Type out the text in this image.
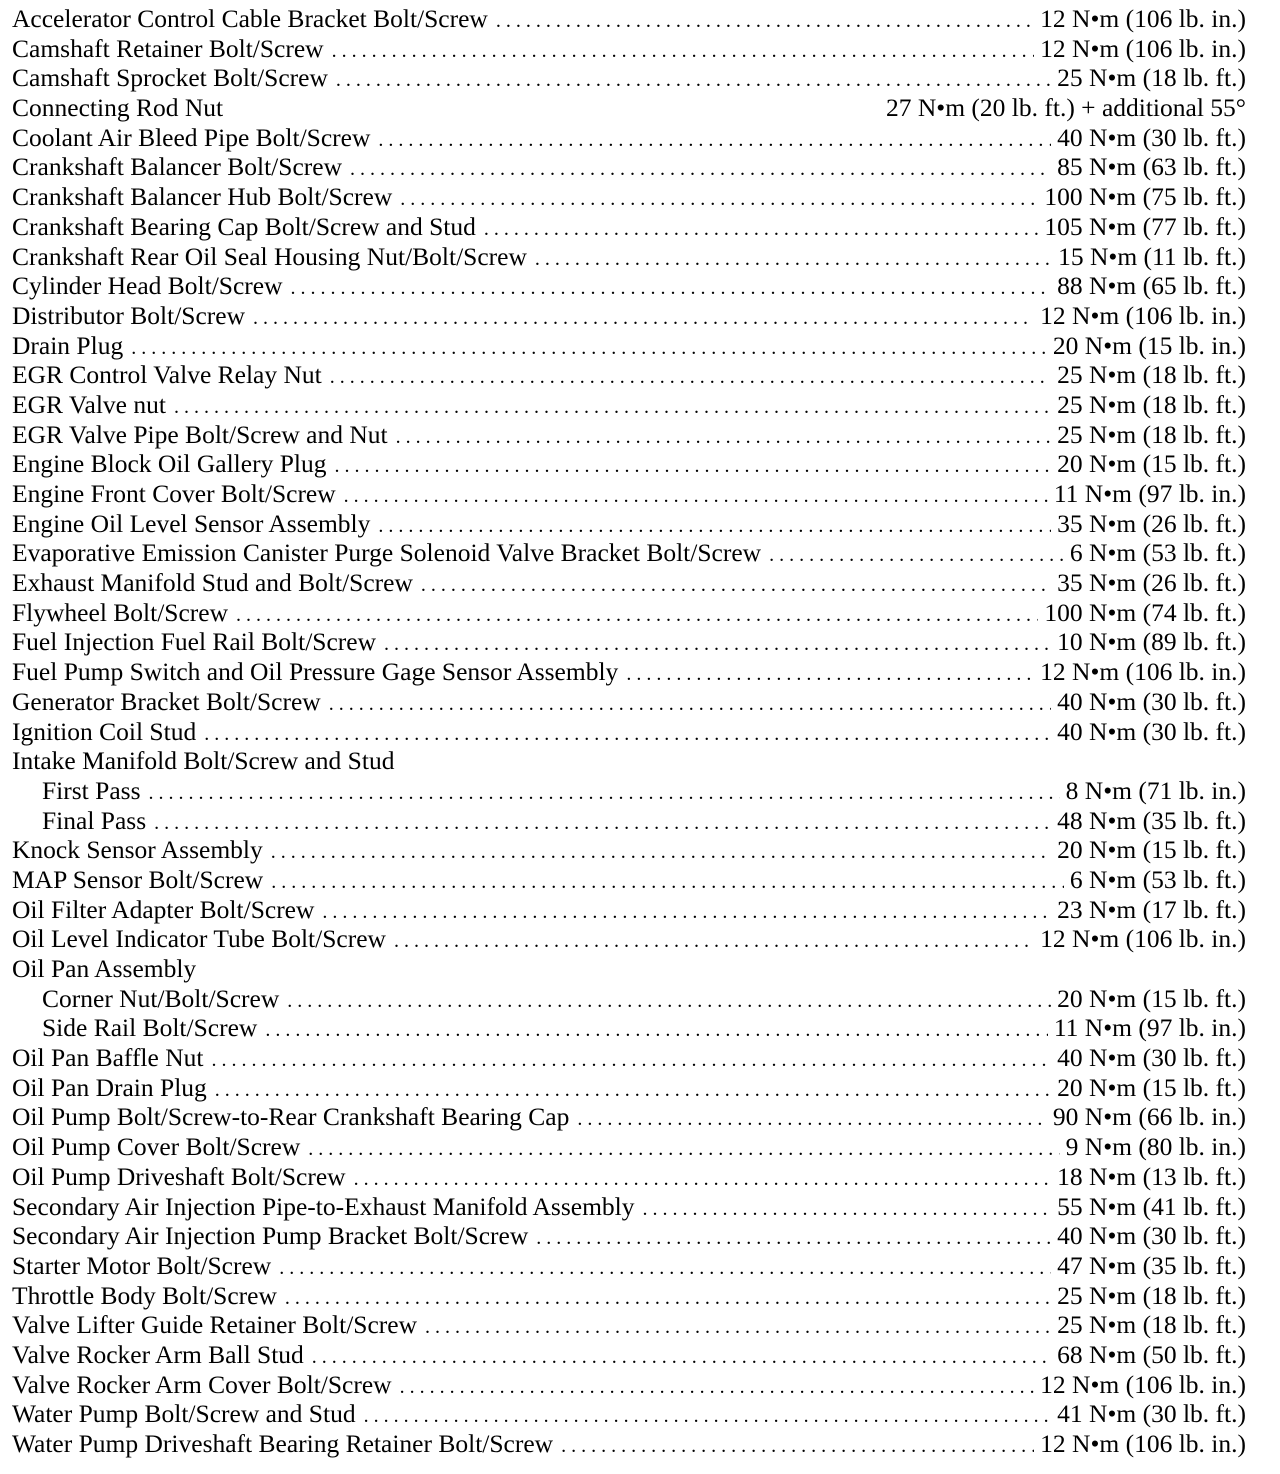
Accelerator Control Cable Bracket Bolt/Screw . . .	12 N•m (106 lb. in.)
Camshaft Retainer Bolt/Screw . . .	12 N•m (106 lb. in.)
Camshaft Sprocket Bolt/Screw . . .	25 N•m (18 lb. ft.)
Connecting Rod Nut	27 N•m (20 lb. ft.) + additional 55°
Coolant Air Bleed Pipe Bolt/Screw . . .	40 N•m (30 lb. ft.)
Crankshaft Balancer Bolt/Screw . . .	85 N•m (63 lb. ft.)
Crankshaft Balancer Hub Bolt/Screw . . .	100 N•m (75 lb. ft.)
Crankshaft Bearing Cap Bolt/Screw and Stud . . .	105 N•m (77 lb. ft.)
Crankshaft Rear Oil Seal Housing Nut/Bolt/Screw . . .	15 N•m (11 lb. ft.)
Cylinder Head Bolt/Screw . . .	88 N•m (65 lb. ft.)
Distributor Bolt/Screw . . .	12 N•m (106 lb. in.)
Drain Plug . . .	20 N•m (15 lb. in.)
EGR Control Valve Relay Nut . . .	25 N•m (18 lb. ft.)
EGR Valve nut . . .	25 N•m (18 lb. ft.)
EGR Valve Pipe Bolt/Screw and Nut . . .	25 N•m (18 lb. ft.)
Engine Block Oil Gallery Plug . . .	20 N•m (15 lb. ft.)
Engine Front Cover Bolt/Screw . . .	11 N•m (97 lb. in.)
Engine Oil Level Sensor Assembly . . .	35 N•m (26 lb. ft.)
Evaporative Emission Canister Purge Solenoid Valve Bracket Bolt/Screw . . .	6 N•m (53 lb. ft.)
Exhaust Manifold Stud and Bolt/Screw . . .	35 N•m (26 lb. ft.)
Flywheel Bolt/Screw . . .	100 N•m (74 lb. ft.)
Fuel Injection Fuel Rail Bolt/Screw . . .	10 N•m (89 lb. ft.)
Fuel Pump Switch and Oil Pressure Gage Sensor Assembly . . .	12 N•m (106 lb. in.)
Generator Bracket Bolt/Screw . . .	40 N•m (30 lb. ft.)
Ignition Coil Stud . . .	40 N•m (30 lb. ft.)
Intake Manifold Bolt/Screw and Stud
First Pass . . .	8 N•m (71 lb. in.)
Final Pass . . .	48 N•m (35 lb. ft.)
Knock Sensor Assembly . . .	20 N•m (15 lb. ft.)
MAP Sensor Bolt/Screw . . .	6 N•m (53 lb. ft.)
Oil Filter Adapter Bolt/Screw . . .	23 N•m (17 lb. ft.)
Oil Level Indicator Tube Bolt/Screw . . .	12 N•m (106 lb. in.)
Oil Pan Assembly
Corner Nut/Bolt/Screw . . .	20 N•m (15 lb. ft.)
Side Rail Bolt/Screw . . .	11 N•m (97 lb. in.)
Oil Pan Baffle Nut . . .	40 N•m (30 lb. ft.)
Oil Pan Drain Plug . . .	20 N•m (15 lb. ft.)
Oil Pump Bolt/Screw-to-Rear Crankshaft Bearing Cap . . .	90 N•m (66 lb. in.)
Oil Pump Cover Bolt/Screw . . .	9 N•m (80 lb. in.)
Oil Pump Driveshaft Bolt/Screw . . .	18 N•m (13 lb. ft.)
Secondary Air Injection Pipe-to-Exhaust Manifold Assembly . . .	55 N•m (41 lb. ft.)
Secondary Air Injection Pump Bracket Bolt/Screw . . .	40 N•m (30 lb. ft.)
Starter Motor Bolt/Screw . . .	47 N•m (35 lb. ft.)
Throttle Body Bolt/Screw . . .	25 N•m (18 lb. ft.)
Valve Lifter Guide Retainer Bolt/Screw . . .	25 N•m (18 lb. ft.)
Valve Rocker Arm Ball Stud . . .	68 N•m (50 lb. ft.)
Valve Rocker Arm Cover Bolt/Screw . . .	12 N•m (106 lb. in.)
Water Pump Bolt/Screw and Stud . . .	41 N•m (30 lb. ft.)
Water Pump Driveshaft Bearing Retainer Bolt/Screw . . .	12 N•m (106 lb. in.)
